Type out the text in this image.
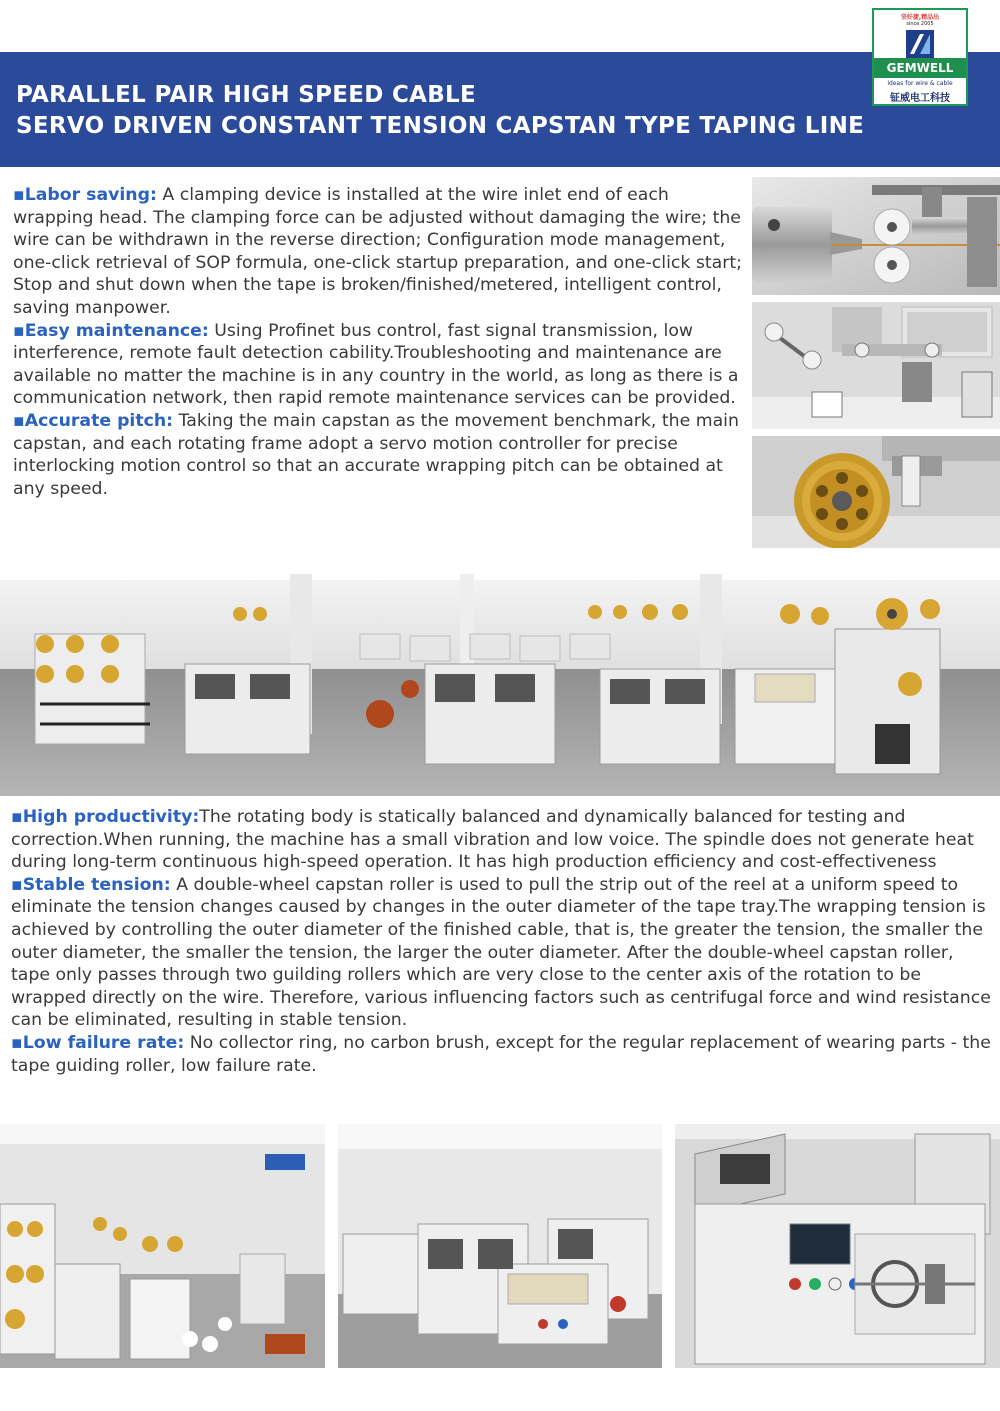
PARALLEL PAIR HIGH SPEED CABLE
SERVO DRIVEN CONSTANT TENSION CAPSTAN TYPE TAPING LINE
坚好捷,精品出
since 2005
GEMWELL
ideas for wire & cable
钲威电工科技

▪Labor saving: A clamping device is installed at the wire inlet end of each wrapping head. The clamping force can be adjusted without damaging the wire; the wire can be withdrawn in the reverse direction; Configuration mode management, one-click retrieval of SOP formula, one-click startup preparation, and one-click start; Stop and shut down when the tape is broken/finished/metered, intelligent control, saving manpower.

▪Easy maintenance: Using Profinet bus control, fast signal transmission, low interference, remote fault detection cability.Troubleshooting and maintenance are available no matter the machine is in any country in the world, as long as there is a communication network, then rapid remote maintenance services can be provided.

▪Accurate pitch: Taking the main capstan as the movement benchmark, the main capstan, and each rotating frame adopt a servo motion controller for precise interlocking motion control so that an accurate wrapping pitch can be obtained at any speed.

▪High productivity:The rotating body is statically balanced and dynamically balanced for testing and correction.When running, the machine has a small vibration and low voice. The spindle does not generate heat during long-term continuous high-speed operation. It has high production efficiency and cost-effectiveness

▪Stable tension: A double-wheel capstan roller is used to pull the strip out of the reel at a uniform speed to eliminate the tension changes caused by changes in the outer diameter of the tape tray.The wrapping tension is achieved by controlling the outer diameter of the finished cable, that is, the greater the tension, the smaller the outer diameter, the smaller the tension, the larger the outer diameter. After the double-wheel capstan roller, tape only passes through two guilding rollers which are very close to the center axis of the rotation to be wrapped directly on the wire. Therefore, various influencing factors such as centrifugal force and wind resistance can be eliminated, resulting in stable tension.

▪Low failure rate: No collector ring, no carbon brush, except for the regular replacement of wearing parts - the tape guiding roller, low failure rate.
